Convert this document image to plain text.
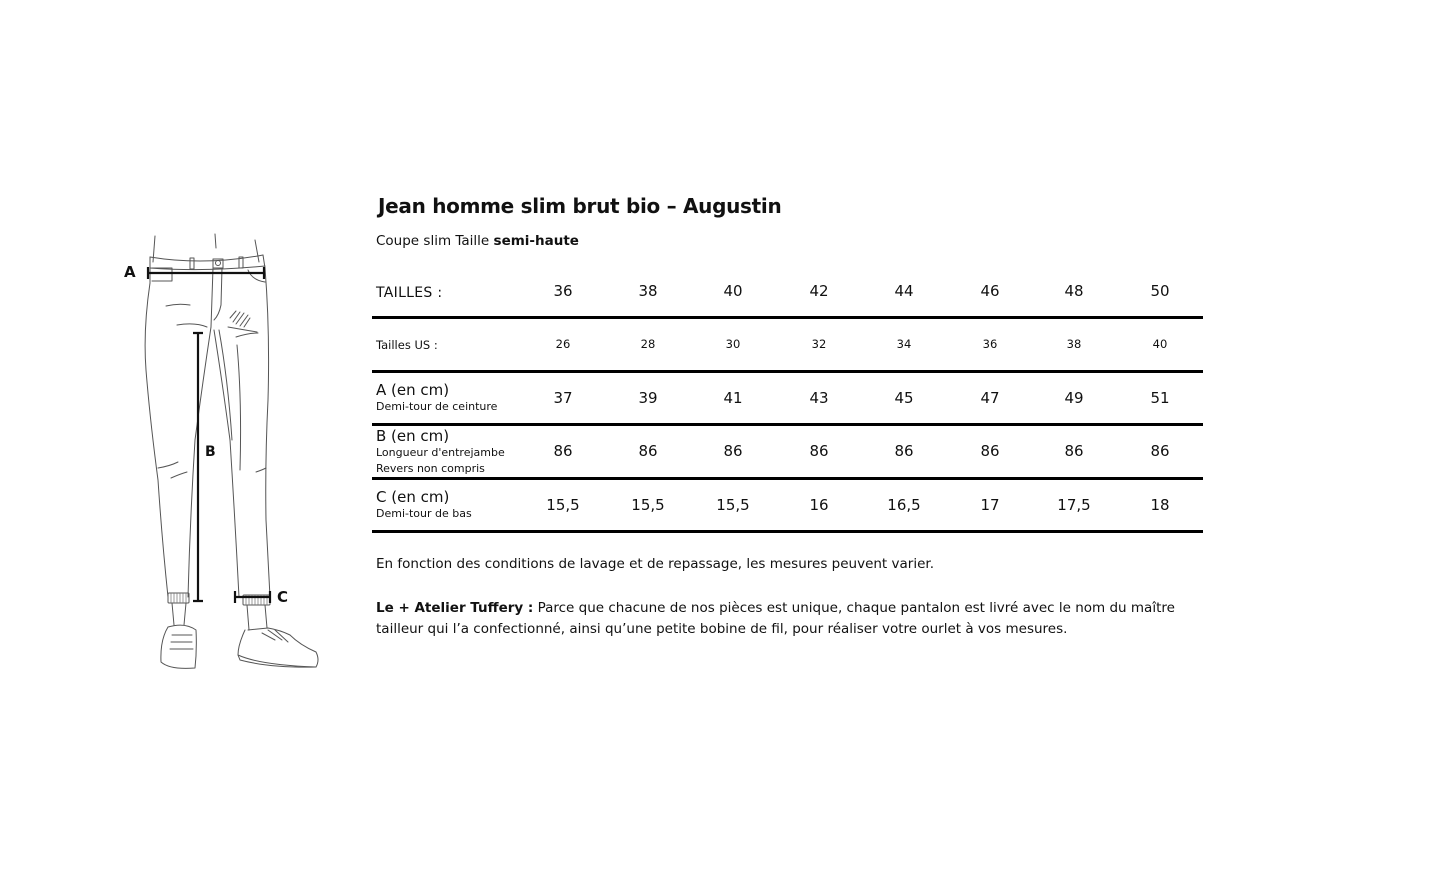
A
B
C
Jean homme slim brut bio – Augustin
Coupe slim Taille semi-haute
TAILLES :	36	38	40	42	44	46	48	50
Tailles US :	26	28	30	32	34	36	38	40
A (en cm)
Demi-tour de ceinture	37	39	41	43	45	47	49	51
B (en cm)
Longueur d'entrejambe
Revers non compris
86	86	86	86	86	86	86	86
C (en cm)
Demi-tour de bas	15,5	15,5	15,5	16	16,5	17	17,5	18
En fonction des conditions de lavage et de repassage, les mesures peuvent varier.
Le + Atelier Tuffery : Parce que chacune de nos pièces est unique, chaque pantalon est livré avec le nom du maître tailleur qui l’a confectionné, ainsi qu’une petite bobine de fil, pour réaliser votre ourlet à vos mesures.
